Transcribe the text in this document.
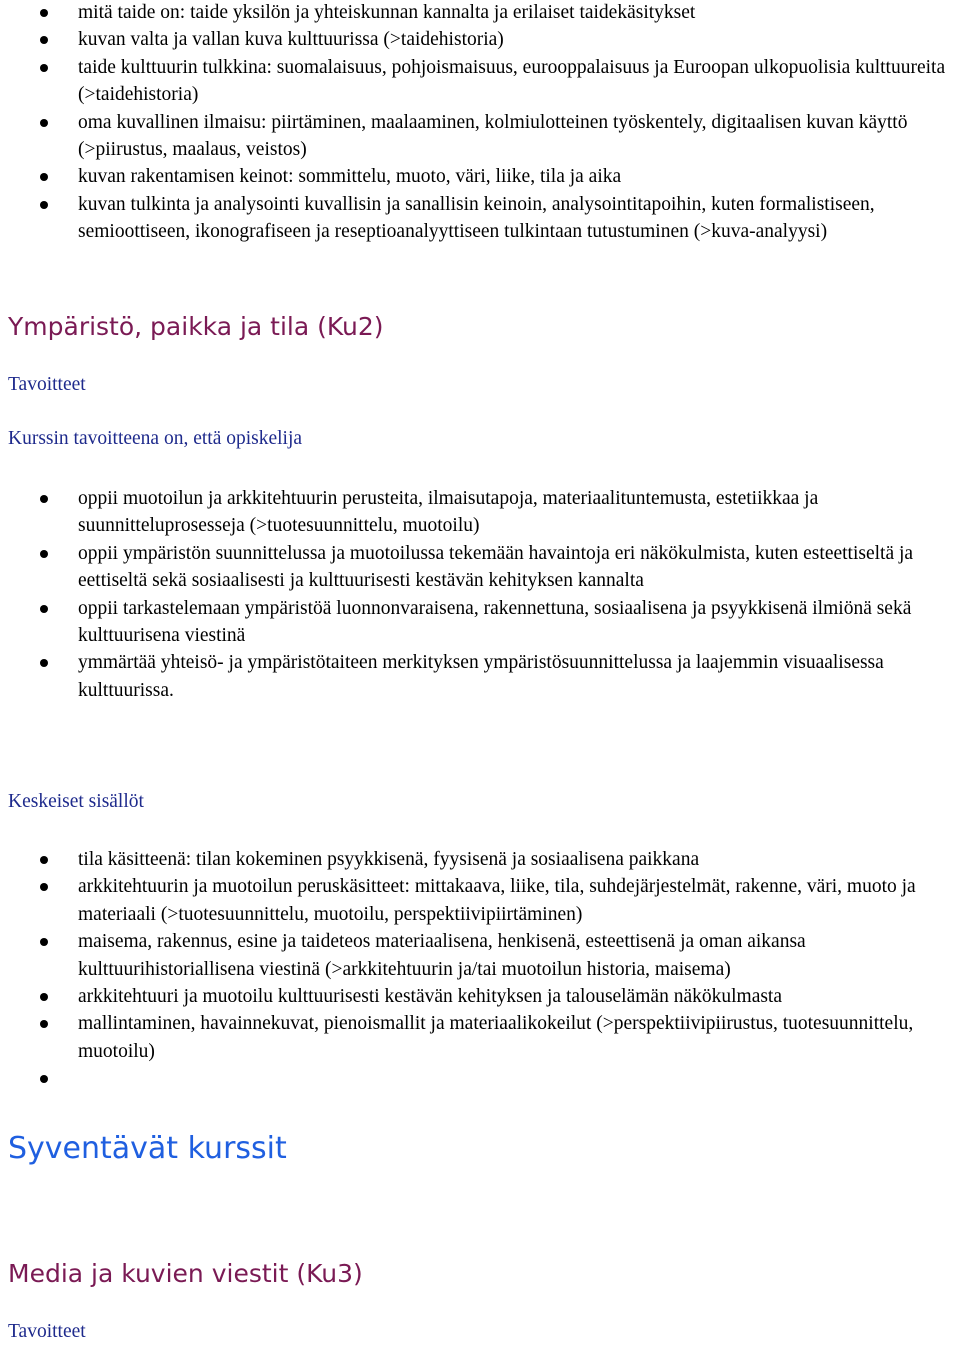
mitä taide on: taide yksilön ja yhteiskunnan kannalta ja erilaiset taidekäsitykset
kuvan valta ja vallan kuva kulttuurissa (>taidehistoria)
taide kulttuurin tulkkina: suomalaisuus, pohjoismaisuus, eurooppalaisuus ja Euroopan ulkopuolisia kulttuureita (>taidehistoria)
oma kuvallinen ilmaisu: piirtäminen, maalaaminen, kolmiulotteinen työskentely, digitaalisen kuvan käyttö (>piirustus, maalaus, veistos)
kuvan rakentamisen keinot: sommittelu, muoto, väri, liike, tila ja aika
kuvan tulkinta ja analysointi kuvallisin ja sanallisin keinoin, analysointitapoihin, kuten formalistiseen, semioottiseen, ikonografiseen ja reseptioanalyyttiseen tulkintaan tutustuminen (>kuva-analyysi)
Ympäristö, paikka ja tila (Ku2)

Tavoitteet

Kurssin tavoitteena on, että opiskelija

oppii muotoilun ja arkkitehtuurin perusteita, ilmaisutapoja, materiaalituntemusta, estetiikkaa ja suunnitteluprosesseja (>tuotesuunnittelu, muotoilu)
oppii ympäristön suunnittelussa ja muotoilussa tekemään havaintoja eri näkökulmista, kuten esteettiseltä ja eettiseltä sekä sosiaalisesti ja kulttuurisesti kestävän kehityksen kannalta
oppii tarkastelemaan ympäristöä luonnonvaraisena, rakennettuna, sosiaalisena ja psyykkisenä ilmiönä sekä kulttuurisena viestinä
ymmärtää yhteisö- ja ympäristötaiteen merkityksen ympäristösuunnittelussa ja laajemmin visuaalisessa kulttuurissa.

Keskeiset sisällöt

tila käsitteenä: tilan kokeminen psyykkisenä, fyysisenä ja sosiaalisena paikkana
arkkitehtuurin ja muotoilun peruskäsitteet: mittakaava, liike, tila, suhdejärjestelmät, rakenne, väri, muoto ja materiaali (>tuotesuunnittelu, muotoilu, perspektiivipiirtäminen)
maisema, rakennus, esine ja taideteos materiaalisena, henkisenä, esteettisenä ja oman aikansa kulttuurihistoriallisena viestinä (>arkkitehtuurin ja/tai muotoilun historia, maisema)
arkkitehtuuri ja muotoilu kulttuurisesti kestävän kehityksen ja talouselämän näkökulmasta
mallintaminen, havainnekuvat, pienoismallit ja materiaalikokeilut (>perspektiivipiirustus, tuotesuunnittelu, muotoilu)
Syventävät kurssit
Media ja kuvien viestit (Ku3)

Tavoitteet
